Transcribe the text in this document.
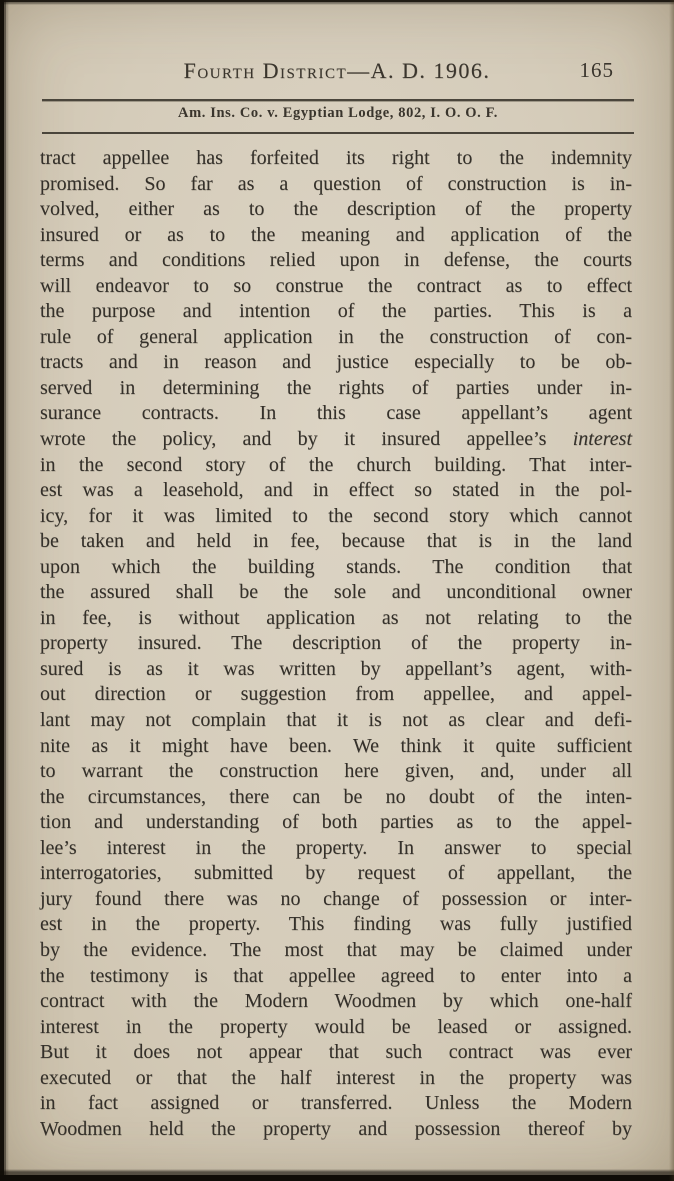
Fourth District—A. D. 1906.	165
Am. Ins. Co. v. Egyptian Lodge, 802, I. O. O. F.
tract appellee has forfeited its right to the indemnity
promised. So far as a question of construction is in-
volved, either as to the description of the property
insured or as to the meaning and application of the
terms and conditions relied upon in defense, the courts
will endeavor to so construe the contract as to effect
the purpose and intention of the parties. This is a
rule of general application in the construction of con-
tracts and in reason and justice especially to be ob-
served in determining the rights of parties under in-
surance contracts. In this case appellant’s agent
wrote the policy, and by it insured appellee’s interest
in the second story of the church building. That inter-
est was a leasehold, and in effect so stated in the pol-
icy, for it was limited to the second story which cannot
be taken and held in fee, because that is in the land
upon which the building stands. The condition that
the assured shall be the sole and unconditional owner
in fee, is without application as not relating to the
property insured. The description of the property in-
sured is as it was written by appellant’s agent, with-
out direction or suggestion from appellee, and appel-
lant may not complain that it is not as clear and defi-
nite as it might have been. We think it quite sufficient
to warrant the construction here given, and, under all
the circumstances, there can be no doubt of the inten-
tion and understanding of both parties as to the appel-
lee’s interest in the property. In answer to special
interrogatories, submitted by request of appellant, the
jury found there was no change of possession or inter-
est in the property. This finding was fully justified
by the evidence. The most that may be claimed under
the testimony is that appellee agreed to enter into a
contract with the Modern Woodmen by which one-half
interest in the property would be leased or assigned.
But it does not appear that such contract was ever
executed or that the half interest in the property was
in fact assigned or transferred. Unless the Modern
Woodmen held the property and possession thereof by
